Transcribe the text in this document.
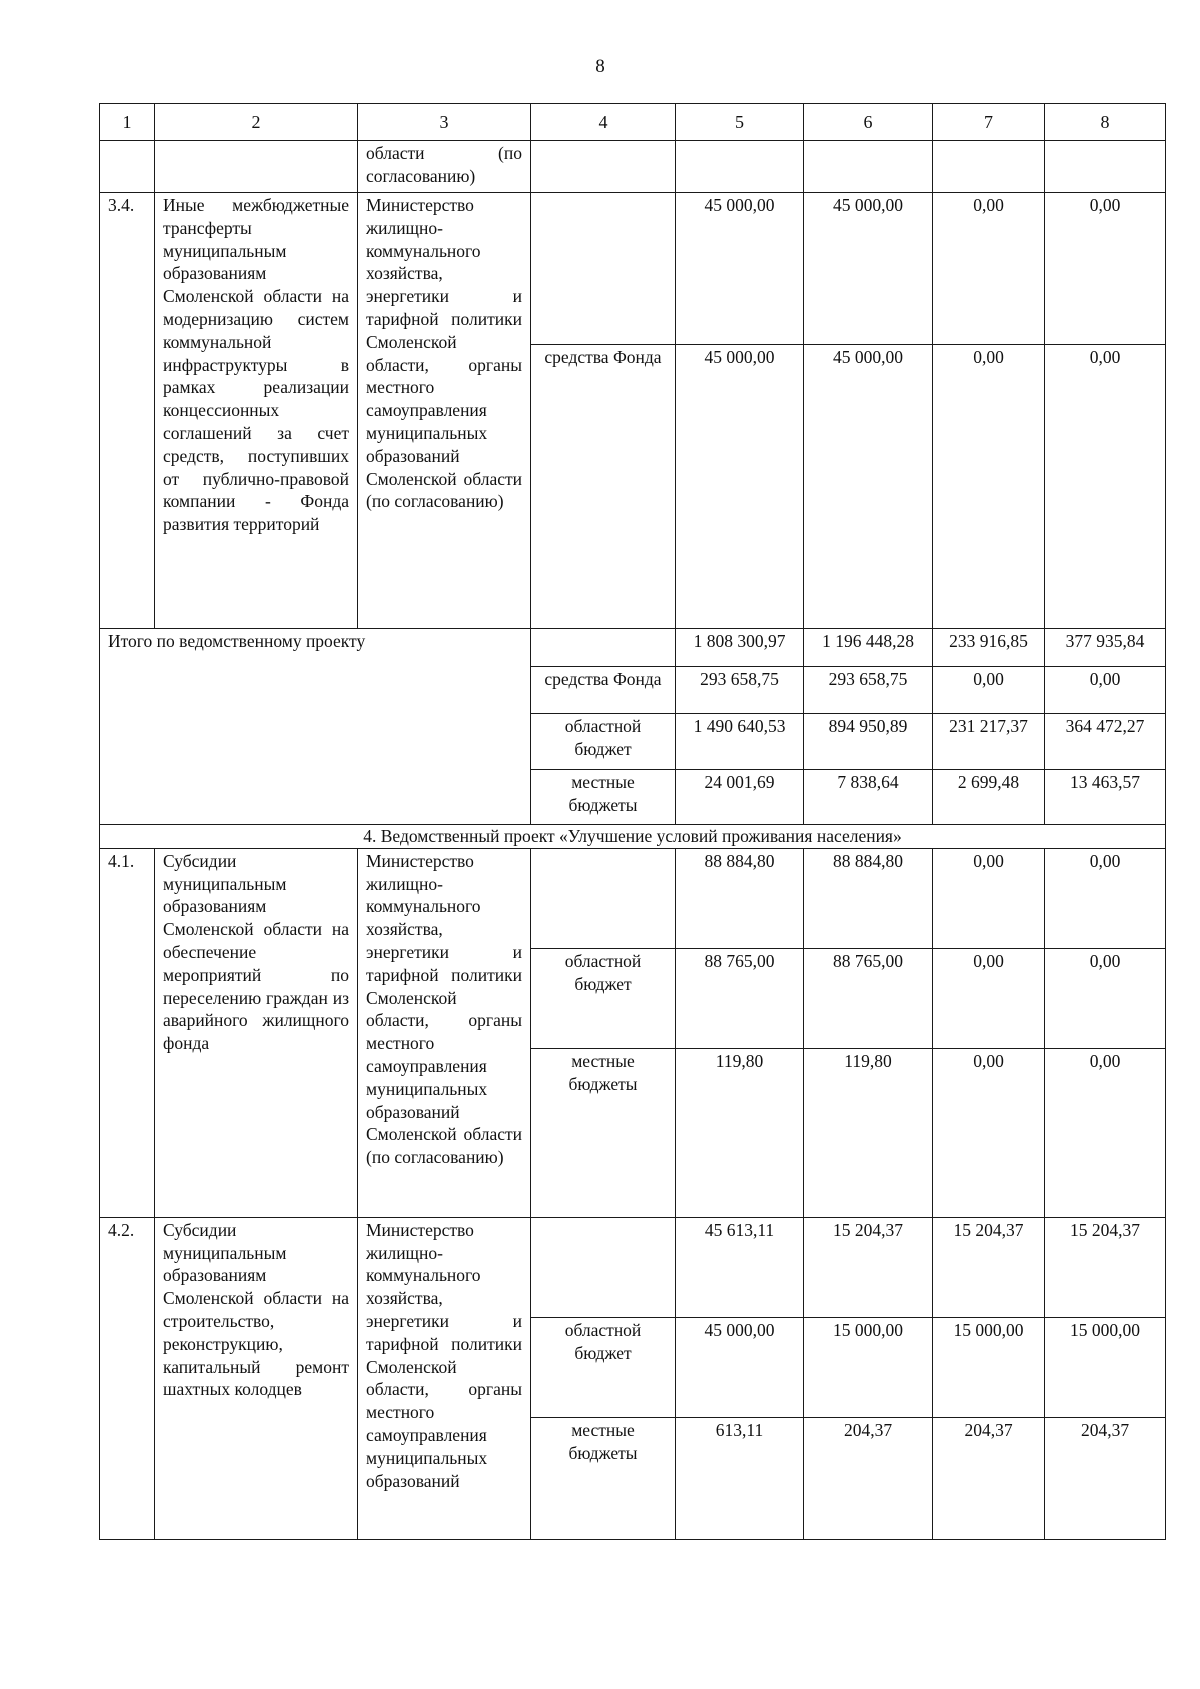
8
1	2	3	4	5	6	7	8
		области (по согласованию)					
3.4.	Иные межбюджетные трансферты муниципальным образованиям Смоленской области на модернизацию систем коммунальной инфраструктуры в рамках реализации концессионных соглашений за счет средств, поступивших от публично-правовой компании - Фонда развития территорий	Министерство жилищно-коммунального хозяйства, энергетики и тарифной политики Смоленской области, органы местного самоуправления муниципальных образований Смоленской области (по согласованию)		45 000,00	45 000,00	0,00	0,00
			средства Фонда	45 000,00	45 000,00	0,00	0,00
Итого по ведомственному проекту				1 808 300,97	1 196 448,28	233 916,85	377 935,84
			средства Фонда	293 658,75	293 658,75	0,00	0,00
			областной бюджет	1 490 640,53	894 950,89	231 217,37	364 472,27
			местные бюджеты	24 001,69	7 838,64	2 699,48	13 463,57
4. Ведомственный проект «Улучшение условий проживания населения»							
4.1.	Субсидии муниципальным образованиям Смоленской области на обеспечение мероприятий по переселению граждан из аварийного жилищного фонда	Министерство жилищно-коммунального хозяйства, энергетики и тарифной политики Смоленской области, органы местного самоуправления муниципальных образований Смоленской области (по согласованию)		88 884,80	88 884,80	0,00	0,00
			областной бюджет	88 765,00	88 765,00	0,00	0,00
			местные бюджеты	119,80	119,80	0,00	0,00
4.2.	Субсидии муниципальным образованиям Смоленской области на строительство, реконструкцию, капитальный ремонт шахтных колодцев	Министерство жилищно-коммунального хозяйства, энергетики и тарифной политики Смоленской области, органы местного самоуправления муниципальных образований		45 613,11	15 204,37	15 204,37	15 204,37
			областной бюджет	45 000,00	15 000,00	15 000,00	15 000,00
			местные бюджеты	613,11	204,37	204,37	204,37
